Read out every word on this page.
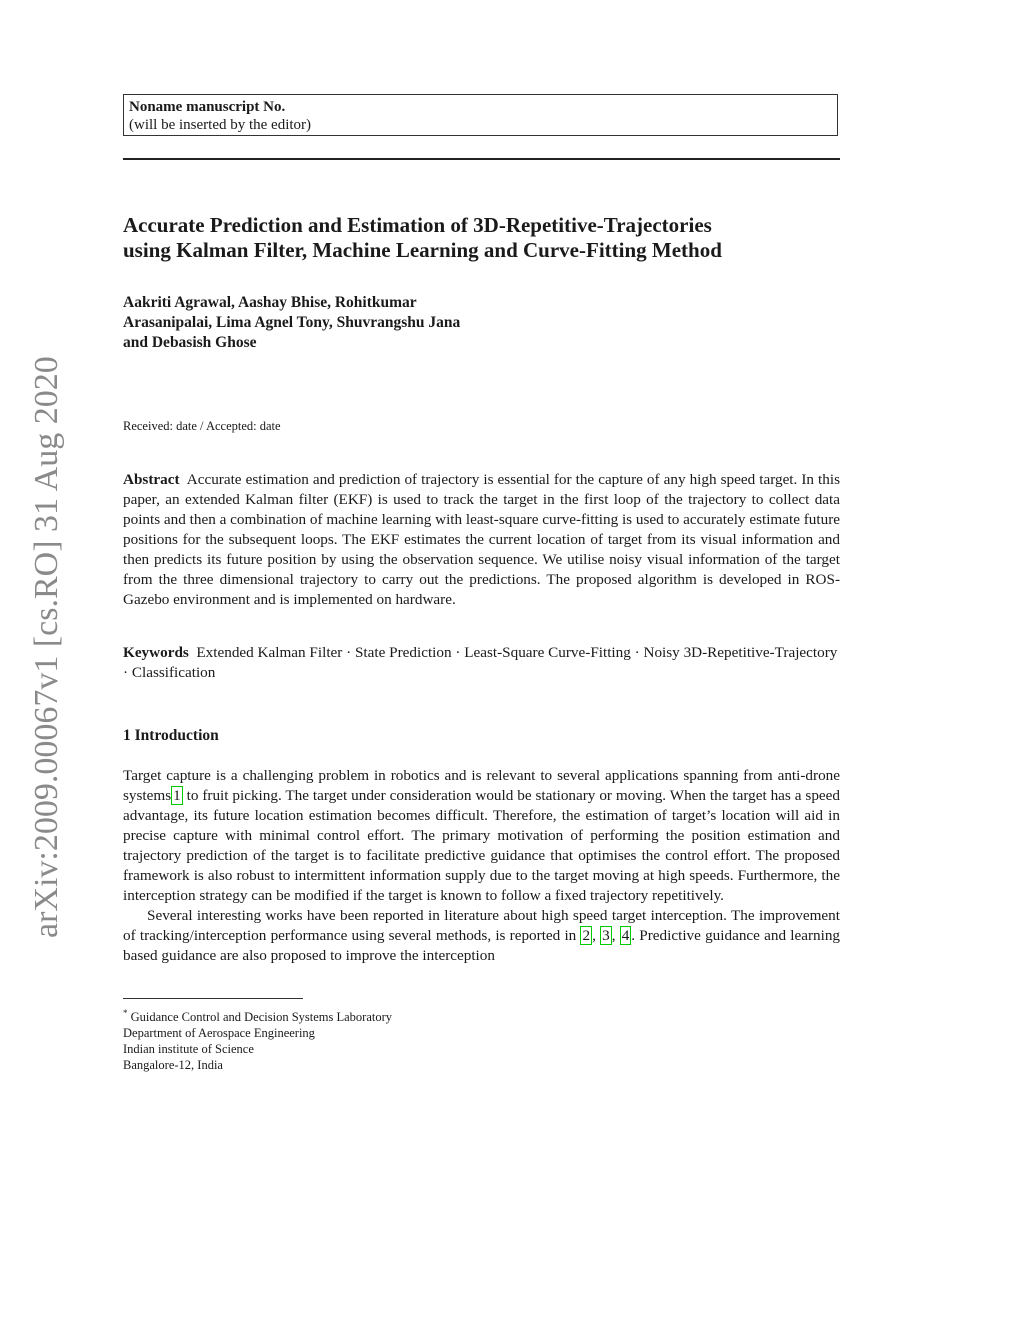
arXiv:2009.00067v1 [cs.RO] 31 Aug 2020
Noname manuscript No.
(will be inserted by the editor)
Accurate Prediction and Estimation of 3D-Repetitive-Trajectories
using Kalman Filter, Machine Learning and Curve-Fitting Method
Aakriti Agrawal, Aashay Bhise, Rohitkumar
Arasanipalai, Lima Agnel Tony, Shuvrangshu Jana
and Debasish Ghose
Received: date / Accepted: date

Abstract Accurate estimation and prediction of trajectory is essential for the capture of any high speed target. In this paper, an extended Kalman filter (EKF) is used to track the target in the first loop of the trajectory to collect data points and then a combination of machine learning with least-square curve-fitting is used to accurately estimate future positions for the subsequent loops. The EKF estimates the current location of target from its visual information and then predicts its future position by using the observation sequence. We utilise noisy visual information of the target from the three dimensional trajectory to carry out the predictions. The proposed algorithm is developed in ROS-Gazebo environment and is implemented on hardware.

Keywords Extended Kalman Filter · State Prediction · Least-Square Curve-Fitting · Noisy 3D-Repetitive-Trajectory · Classification

1 Introduction

Target capture is a challenging problem in robotics and is relevant to several applications spanning from anti-drone systems 1 to fruit picking. The target under consideration would be stationary or moving. When the target has a speed advantage, its future location estimation becomes difficult. Therefore, the estimation of target’s location will aid in precise capture with minimal control effort. The primary motivation of performing the position estimation and trajectory prediction of the target is to facilitate predictive guidance that optimises the control effort. The proposed framework is also robust to intermittent information supply due to the target moving at high speeds. Furthermore, the interception strategy can be modified if the target is known to follow a fixed trajectory repetitively.

Several interesting works have been reported in literature about high speed target interception. The improvement of tracking/interception performance using several methods, is reported in 2 , 3 , 4 . Predictive guidance and learning based guidance are also proposed to improve the interception

* Guidance Control and Decision Systems Laboratory
Department of Aerospace Engineering
Indian institute of Science
Bangalore-12, India
